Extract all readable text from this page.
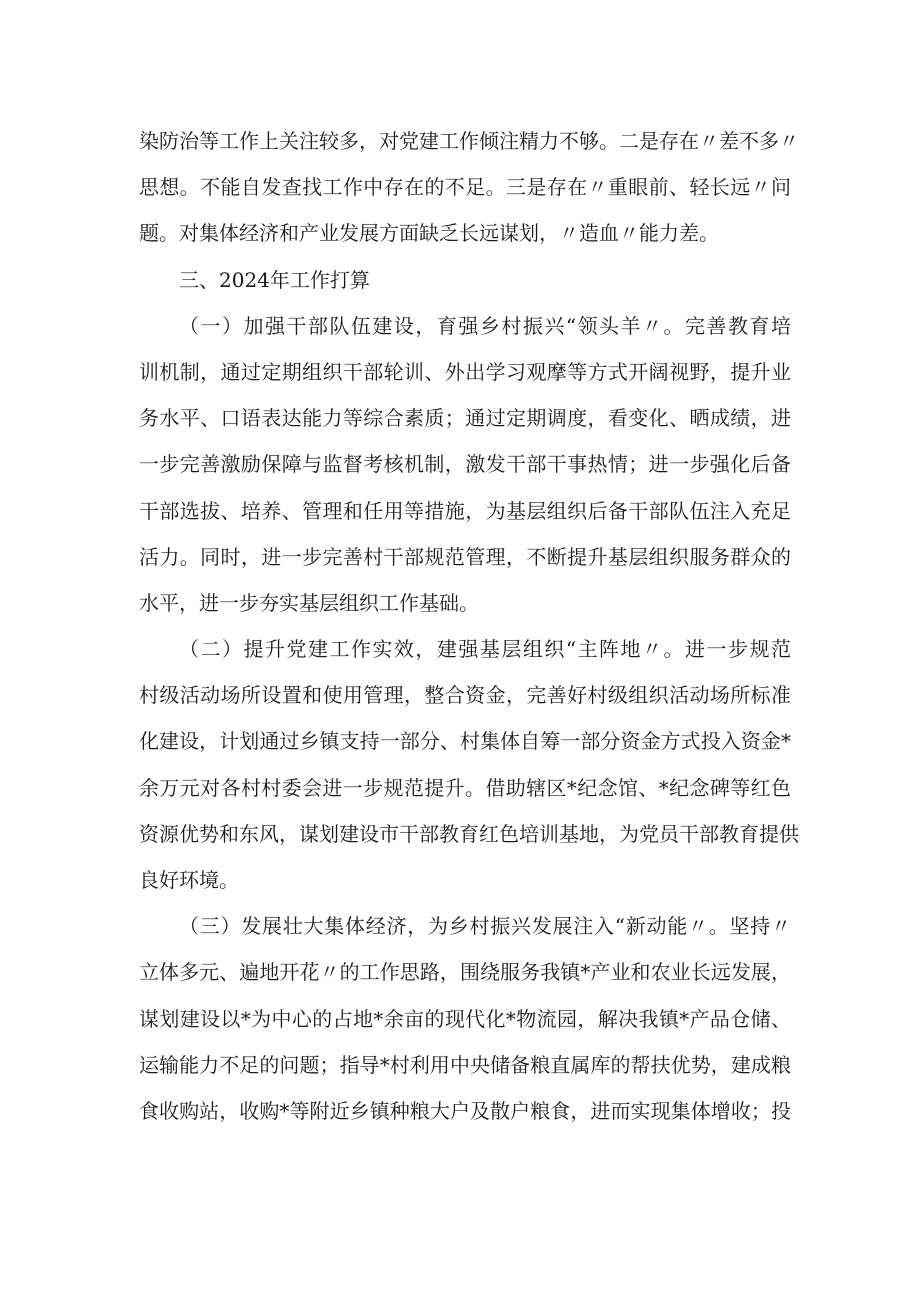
染防治等工作上关注较多，对党建工作倾注精力不够。二是存在〃差不多〃
思想。不能自发查找工作中存在的不足。三是存在〃重眼前、轻长远〃问
题。对集体经济和产业发展方面缺乏长远谋划，〃造血〃能力差。
三、2024年工作打算
（一）加强干部队伍建设，育强乡村振兴“领头羊〃。完善教育培
训机制，通过定期组织干部轮训、外出学习观摩等方式开阔视野，提升业
务水平、口语表达能力等综合素质；通过定期调度，看变化、晒成绩，进
一步完善激励保障与监督考核机制，激发干部干事热情；进一步强化后备
干部选拔、培养、管理和任用等措施，为基层组织后备干部队伍注入充足
活力。同时，进一步完善村干部规范管理，不断提升基层组织服务群众的
水平，进一步夯实基层组织工作基础。
（二）提升党建工作实效，建强基层组织“主阵地〃。进一步规范
村级活动场所设置和使用管理，整合资金，完善好村级组织活动场所标准
化建设，计划通过乡镇支持一部分、村集体自筹一部分资金方式投入资金*
余万元对各村村委会进一步规范提升。借助辖区*纪念馆、*纪念碑等红色
资源优势和东风，谋划建设市干部教育红色培训基地，为党员干部教育提供
良好环境。
（三）发展壮大集体经济，为乡村振兴发展注入“新动能〃。坚持〃
立体多元、遍地开花〃的工作思路，围绕服务我镇*产业和农业长远发展，
谋划建设以*为中心的占地*余亩的现代化*物流园，解决我镇*产品仓储、
运输能力不足的问题；指导*村利用中央储备粮直属库的帮扶优势，建成粮
食收购站，收购*等附近乡镇种粮大户及散户粮食，进而实现集体增收；投
